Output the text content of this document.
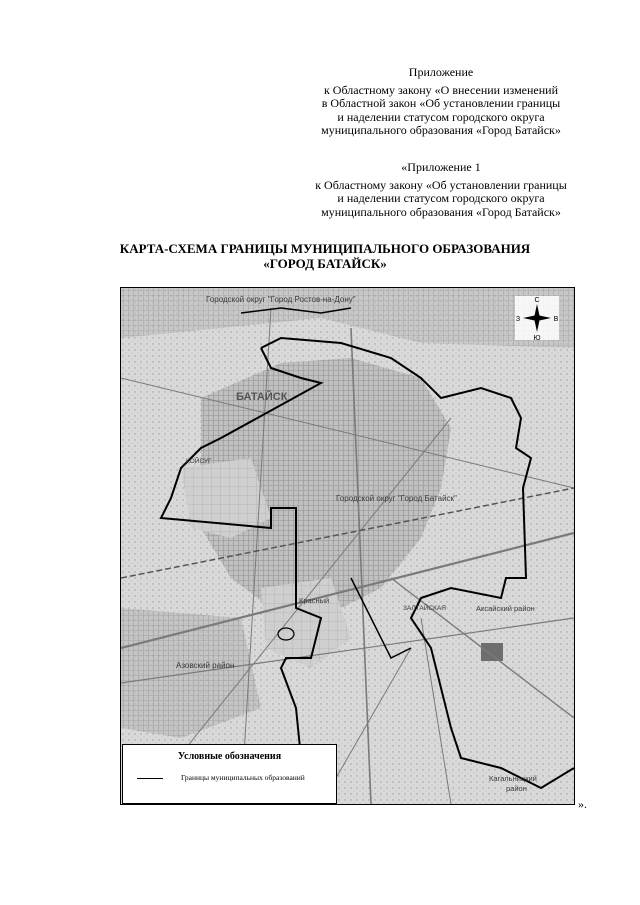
Приложение
к Областному закону «О внесении изменений
в Областной закон «Об установлении границы
и наделении статусом городского округа
муниципального образования «Город Батайск»
«Приложение 1
к Областному закону «Об установлении границы
и наделении статусом городского округа
муниципального образования «Город Батайск»
КАРТА-СХЕМА ГРАНИЦЫ МУНИЦИПАЛЬНОГО ОБРАЗОВАНИЯ
«ГОРОД БАТАЙСК»
Городской округ "Город Ростов-на-Дону"
БАТАЙСК
Городской округ "Город Батайск"
Красный
Азовский район
Аксайский район
Кагальницкий
район
КОЙСУГ
ЗАЛТАЙСКАЯ
С
Ю
З	В
Условные обозначения
Границы муниципальных образований
».
